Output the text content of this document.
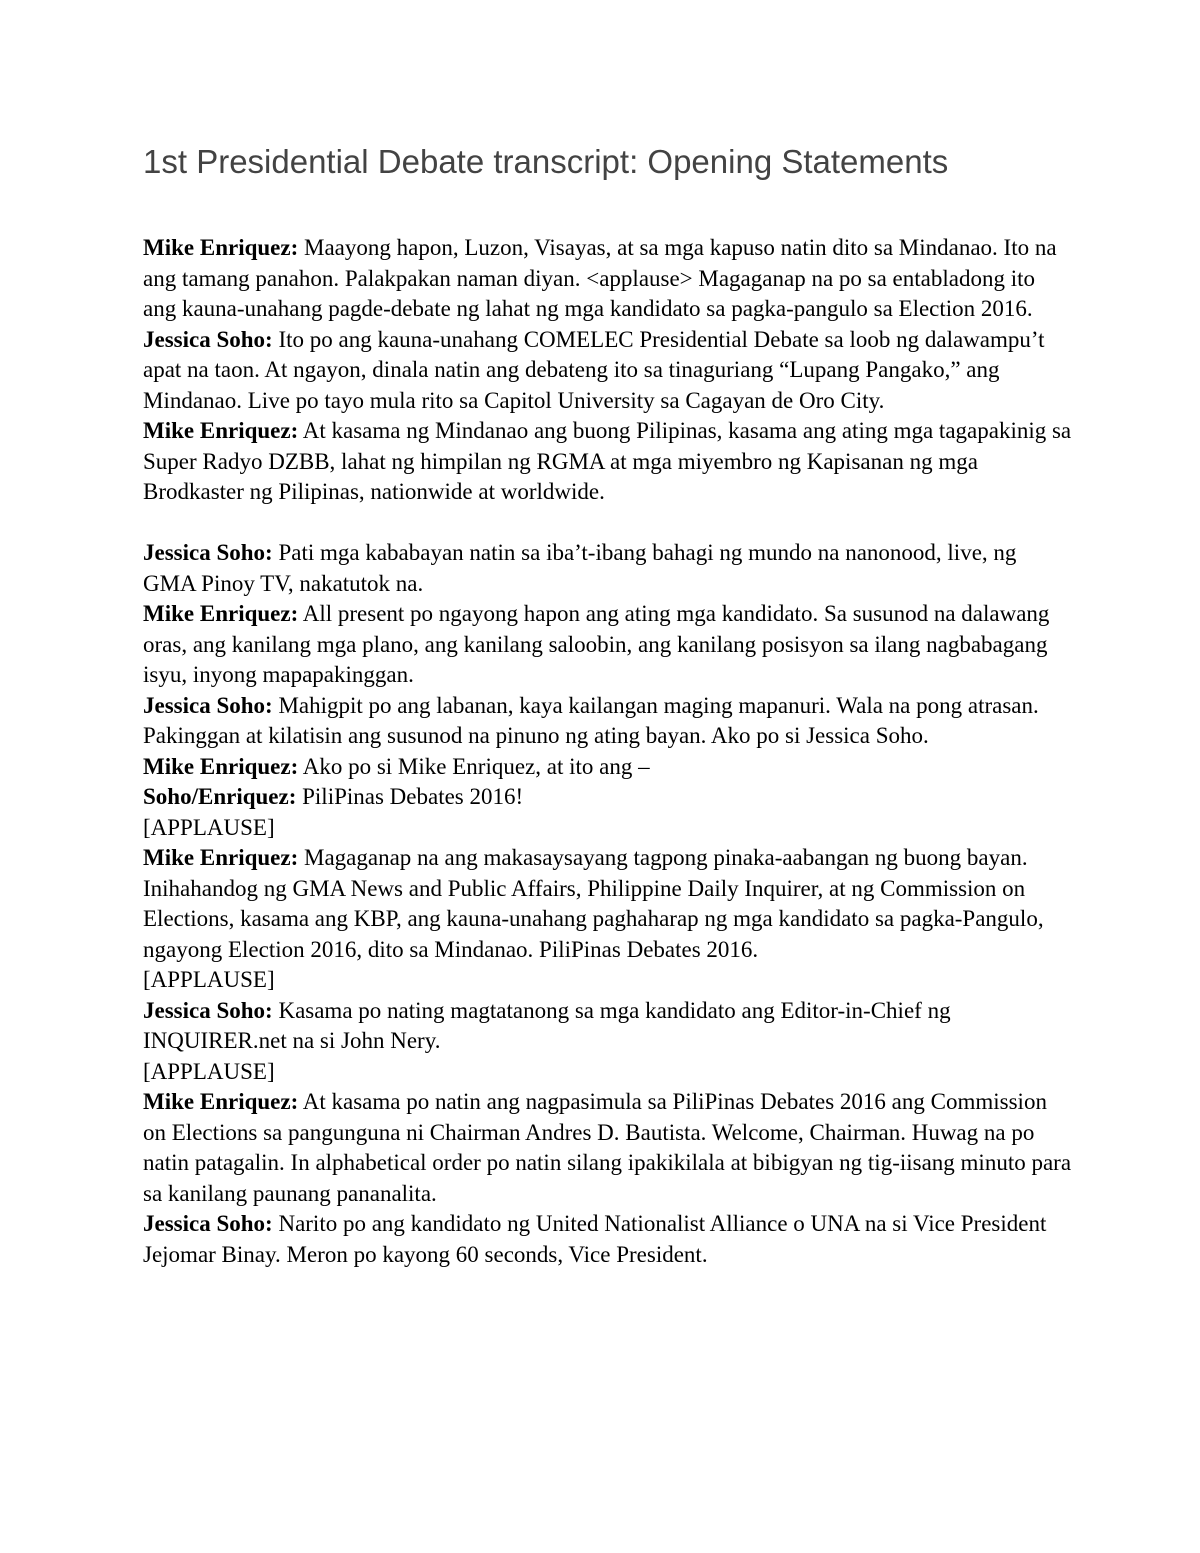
1st Presidential Debate transcript: Opening Statements

Mike Enriquez: Maayong hapon, Luzon, Visayas, at sa mga kapuso natin dito sa Mindanao. Ito na ang tamang panahon. Palakpakan naman diyan. <applause> Magaganap na po sa entabladong ito ang kauna-unahang pagde-debate ng lahat ng mga kandidato sa pagka-pangulo sa Election 2016.

Jessica Soho: Ito po ang kauna-unahang COMELEC Presidential Debate sa loob ng dalawampu’t apat na taon. At ngayon, dinala natin ang debateng ito sa tinaguriang “Lupang Pangako,” ang Mindanao. Live po tayo mula rito sa Capitol University sa Cagayan de Oro City.

Mike Enriquez: At kasama ng Mindanao ang buong Pilipinas, kasama ang ating mga tagapakinig sa Super Radyo DZBB, lahat ng himpilan ng RGMA at mga miyembro ng Kapisanan ng mga Brodkaster ng Pilipinas, nationwide at worldwide.

Jessica Soho: Pati mga kababayan natin sa iba’t-ibang bahagi ng mundo na nanonood, live, ng GMA Pinoy TV, nakatutok na.

Mike Enriquez: All present po ngayong hapon ang ating mga kandidato. Sa susunod na dalawang oras, ang kanilang mga plano, ang kanilang saloobin, ang kanilang posisyon sa ilang nagbabagang isyu, inyong mapapakinggan.

Jessica Soho: Mahigpit po ang labanan, kaya kailangan maging mapanuri. Wala na pong atrasan. Pakinggan at kilatisin ang susunod na pinuno ng ating bayan. Ako po si Jessica Soho.

Mike Enriquez: Ako po si Mike Enriquez, at ito ang –

Soho/Enriquez: PiliPinas Debates 2016!

[APPLAUSE]

Mike Enriquez: Magaganap na ang makasaysayang tagpong pinaka-aabangan ng buong bayan. Inihahandog ng GMA News and Public Affairs, Philippine Daily Inquirer, at ng Commission on Elections, kasama ang KBP, ang kauna-unahang paghaharap ng mga kandidato sa pagka-Pangulo, ngayong Election 2016, dito sa Mindanao. PiliPinas Debates 2016.

[APPLAUSE]

Jessica Soho: Kasama po nating magtatanong sa mga kandidato ang Editor-in-Chief ng INQUIRER.net na si John Nery.

[APPLAUSE]

Mike Enriquez: At kasama po natin ang nagpasimula sa PiliPinas Debates 2016 ang Commission on Elections sa pangunguna ni Chairman Andres D. Bautista. Welcome, Chairman. Huwag na po natin patagalin. In alphabetical order po natin silang ipakikilala at bibigyan ng tig-iisang minuto para sa kanilang paunang pananalita.

Jessica Soho: Narito po ang kandidato ng United Nationalist Alliance o UNA na si Vice President Jejomar Binay. Meron po kayong 60 seconds, Vice President.
